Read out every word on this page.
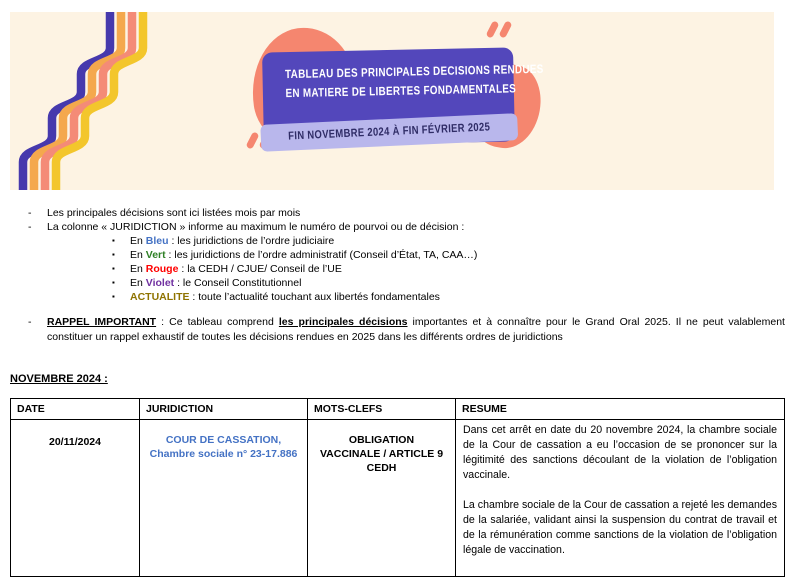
TABLEAU DES PRINCIPALES DECISIONS RENDUES
EN MATIERE DE LIBERTES FONDAMENTALES
FIN NOVEMBRE 2024 À FIN FÉVRIER 2025
-	Les principales décisions sont ici listées mois par mois
-	La colonne « JURIDICTION » informe au maximum le numéro de pourvoi ou de décision :
▪	En Bleu : les juridictions de l’ordre judiciaire
▪	En Vert : les juridictions de l’ordre administratif (Conseil d’État, TA, CAA…)
▪	En Rouge : la CEDH / CJUE/ Conseil de l’UE
▪	En Violet : le Conseil Constitutionnel
▪	ACTUALITE : toute l’actualité touchant aux libertés fondamentales
-	RAPPEL IMPORTANT : Ce tableau comprend les principales décisions importantes et à connaître pour le Grand Oral 2025. Il ne peut valablement constituer un rappel exhaustif de toutes les décisions rendues en 2025 dans les différents ordres de juridictions
NOVEMBRE 2024 :
DATE	JURIDICTION	MOTS-CLEFS	RESUME
20/11/2024	COUR DE CASSATION, Chambre sociale n° 23-17.886	OBLIGATION VACCINALE / ARTICLE 9 CEDH	Dans cet arrêt en date du 20 novembre 2024, la chambre sociale de la Cour de cassation a eu l’occasion de se prononcer sur la légitimité des sanctions découlant de la violation de l’obligation vaccinale.

La chambre sociale de la Cour de cassation a rejeté les demandes de la salariée, validant ainsi la suspension du contrat de travail et de la rémunération comme sanctions de la violation de l’obligation légale de vaccination.
